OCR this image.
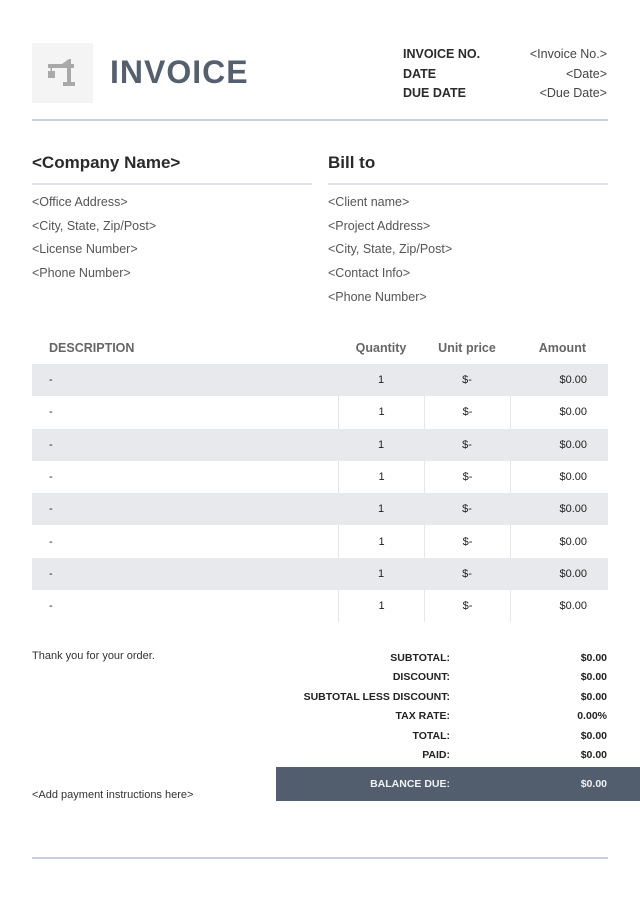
INVOICE	INVOICE NO.	<Invoice No.>
DATE	<Date>
DUE DATE	<Due Date>
<Company Name>
<Office Address>
<City, State, Zip/Post>
<License Number>
<Phone Number>
Bill to
<Client name>
<Project Address>
<City, State, Zip/Post>
<Contact Info>
<Phone Number>
DESCRIPTION	Quantity	Unit price	Amount
-	1	$-	$0.00
-	1	$-	$0.00
-	1	$-	$0.00
-	1	$-	$0.00
-	1	$-	$0.00
-	1	$-	$0.00
-	1	$-	$0.00
-	1	$-	$0.00
Thank you for your order.
<Add payment instructions here>
SUBTOTAL:	$0.00
DISCOUNT:	$0.00
SUBTOTAL LESS DISCOUNT:	$0.00
TAX RATE:	0.00%
TOTAL:	$0.00
PAID:	$0.00
BALANCE DUE:	$0.00
